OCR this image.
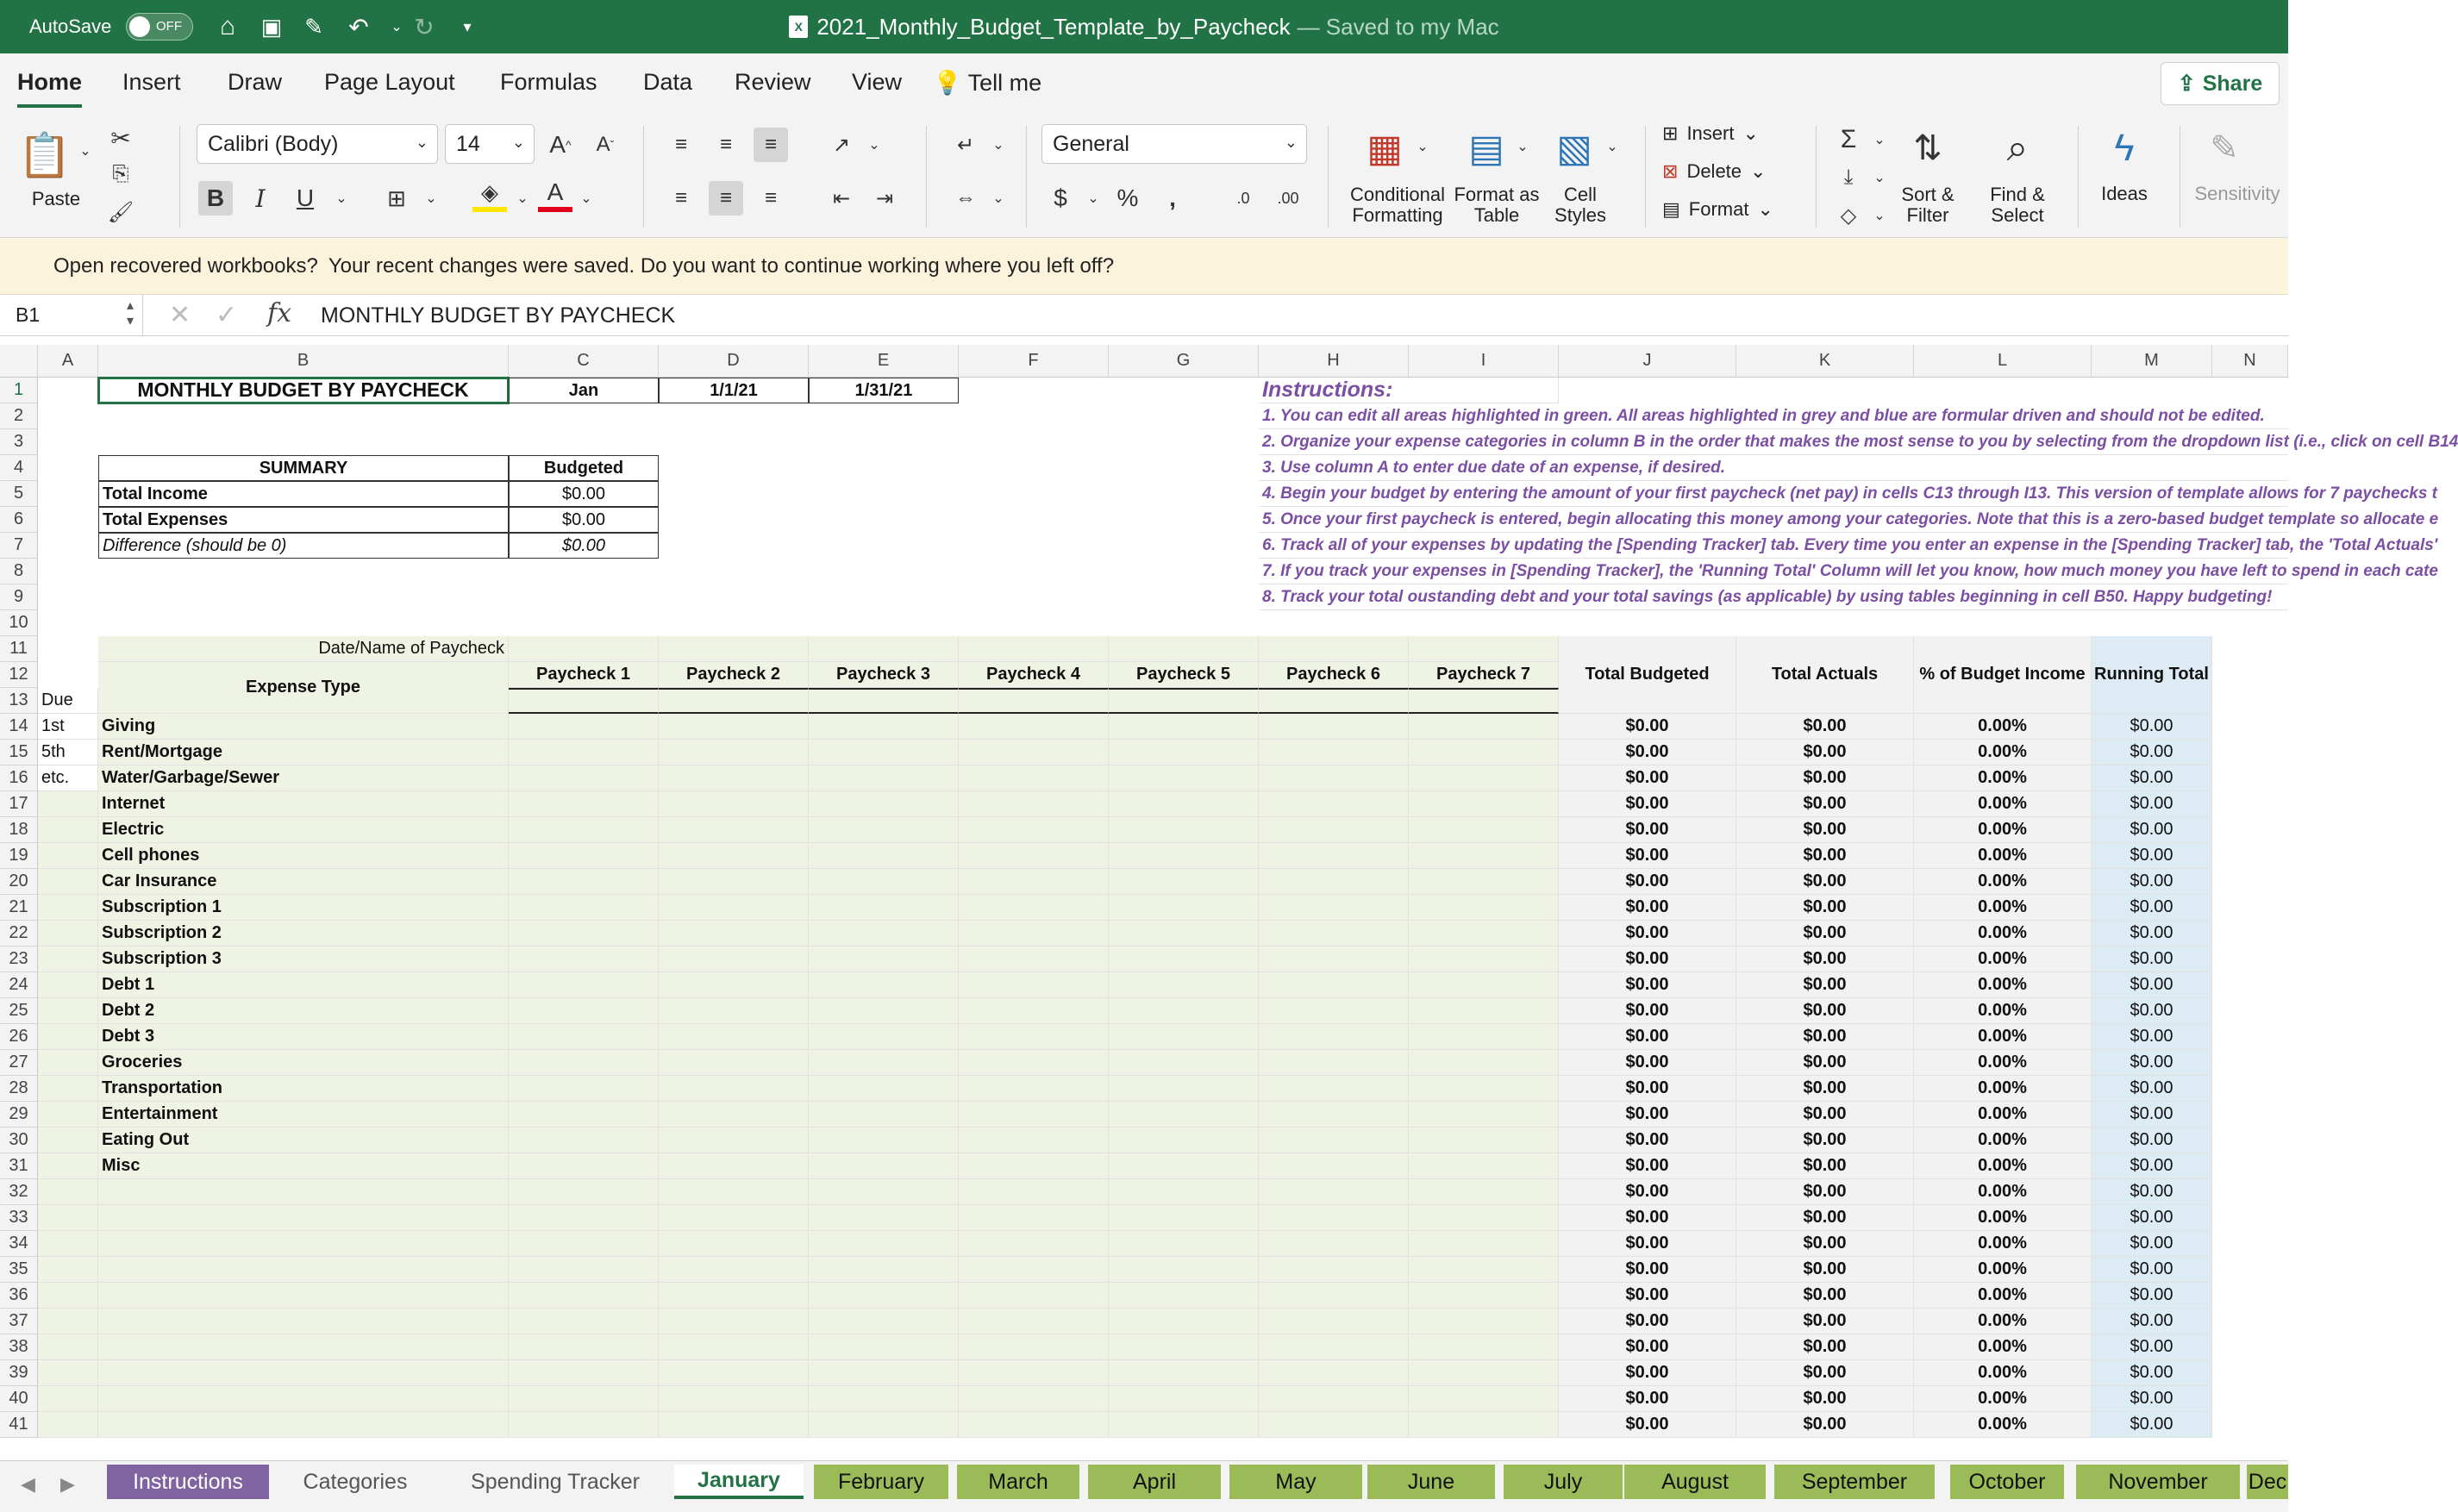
AutoSave	OFF	⌂	▣ ✎	↶	⌄ ↻	▾	X 2021_Monthly_Budget_Template_by_Paycheck — Saved to my Mac
Home Insert Draw Page Layout Formulas Data Review View 💡 Tell me	⇪ Share
📋 ⌄
Paste
✂
⎘
🖌
Calibri (Body)	⌄ 14 ⌄ A ^	A ˇ
B	I	U	⌄	⊞	⌄	◈	⌄ A	⌄
≡	≡	≡
≡	≡	≡
↗	⌄
⇤	⇥
↵	⌄
⇔	⌄
General	⌄
$	⌄ %	,	.0	.00
▦	⌄
Conditional Formatting
▤ ⌄
Format as Table
▧	⌄
Cell Styles
⊞ Insert ⌄
⊠ Delete ⌄
▤ Format ⌄
Σ	⌄
⤓	⌄
◇	⌄
⇅
Sort & Filter
⌕
Find & Select
ϟ
Ideas
✎
Sensitivity
Open recovered workbooks? Your recent changes were saved. Do you want to continue working where you left off?
B1	▴
▾ ✕ ✓ fx MONTHLY BUDGET BY PAYCHECK
A	B	C	D	E	F	G	H	I	J	K	L	M	N
1
2
3
4
5
6
7
8
9
10
11
12
13
14
15
16
17
18
19
20
21
22
23
24
25
26
27
28
29
30
31
32
33
34
35
36
37
38
39
40
41
MONTHLY BUDGET BY PAYCHECK	Jan	1/1/21	1/31/21	Instructions:
1. You can edit all areas highlighted in green. All areas highlighted in grey and blue are formular driven and should not be edited.
2. Organize your expense categories in column B in the order that makes the most sense to you by selecting from the dropdown list (i.e., click on cell B14
3. Use column A to enter due date of an expense, if desired.
4. Begin your budget by entering the amount of your first paycheck (net pay) in cells C13 through I13. This version of template allows for 7 paychecks t
5. Once your first paycheck is entered, begin allocating this money among your categories. Note that this is a zero-based budget template so allocate e
6. Track all of your expenses by updating the [Spending Tracker] tab. Every time you enter an expense in the [Spending Tracker] tab, the 'Total Actuals'
7. If you track your expenses in [Spending Tracker], the 'Running Total' Column will let you know, how much money you have left to spend in each cate
8. Track your total oustanding debt and your total savings (as applicable) by using tables beginning in cell B50. Happy budgeting!
SUMMARY	Budgeted
Total Income	$0.00
Total Expenses	$0.00
Difference (should be 0)	$0.00
Date/Name of Paycheck
Expense Type
Paycheck 1	Paycheck 2	Paycheck 3	Paycheck 4	Paycheck 5	Paycheck 6	Paycheck 7	Total Budgeted	Total Actuals	% of Budget Income Running Total
Due
1st
5th
etc.
Giving	$0.00	$0.00	0.00%	$0.00
Rent/Mortgage	$0.00	$0.00	0.00%	$0.00
Water/Garbage/Sewer	$0.00	$0.00	0.00%	$0.00
Internet	$0.00	$0.00	0.00%	$0.00
Electric	$0.00	$0.00	0.00%	$0.00
Cell phones	$0.00	$0.00	0.00%	$0.00
Car Insurance	$0.00	$0.00	0.00%	$0.00
Subscription 1	$0.00	$0.00	0.00%	$0.00
Subscription 2	$0.00	$0.00	0.00%	$0.00
Subscription 3	$0.00	$0.00	0.00%	$0.00
Debt 1	$0.00	$0.00	0.00%	$0.00
Debt 2	$0.00	$0.00	0.00%	$0.00
Debt 3	$0.00	$0.00	0.00%	$0.00
Groceries	$0.00	$0.00	0.00%	$0.00
Transportation	$0.00	$0.00	0.00%	$0.00
Entertainment	$0.00	$0.00	0.00%	$0.00
Eating Out	$0.00	$0.00	0.00%	$0.00
Misc	$0.00	$0.00	0.00%	$0.00
$0.00	$0.00	0.00%	$0.00
$0.00	$0.00	0.00%	$0.00
$0.00	$0.00	0.00%	$0.00
$0.00	$0.00	0.00%	$0.00
$0.00	$0.00	0.00%	$0.00
$0.00	$0.00	0.00%	$0.00
$0.00	$0.00	0.00%	$0.00
$0.00	$0.00	0.00%	$0.00
$0.00	$0.00	0.00%	$0.00
$0.00	$0.00	0.00%	$0.00
◀ ▶	Instructions	Categories	Spending Tracker	January	February	March	April	May	June	July	August	September	October	November	Dec
